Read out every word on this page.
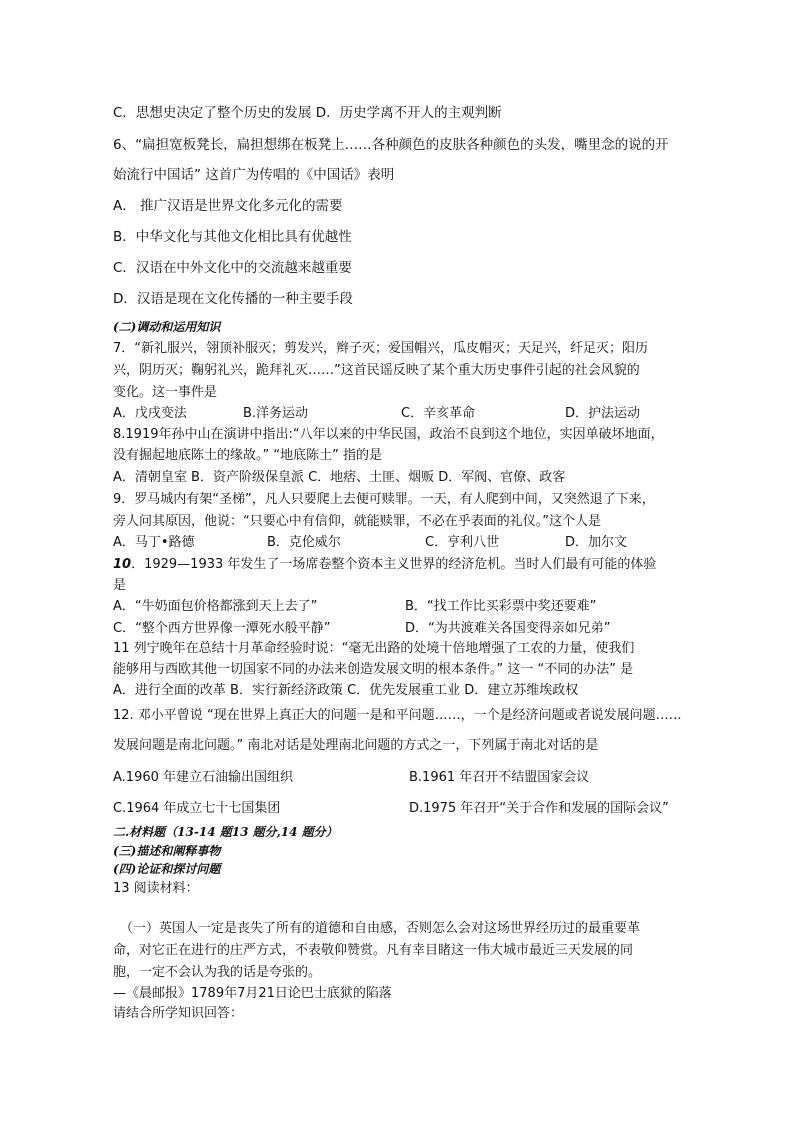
C．思想史决定了整个历史的发展 D．历史学离不开人的主观判断
6、“扁担宽板凳长，扁担想绑在板凳上……各种颜色的皮肤各种颜色的头发，嘴里念的说的开
始流行中国话” 这首广为传唱的《中国话》表明
A． 推广汉语是世界文化多元化的需要
B．中华文化与其他文化相比具有优越性
C．汉语在中外文化中的交流越来越重要
D．汉语是现在文化传播的一种主要手段
(二)调动和运用知识
7．“新礼服兴，翎顶补服灭；剪发兴，辫子灭；爱国帽兴，瓜皮帽灭；天足兴，纤足灭；阳历
兴，阴历灭；鞠躬礼兴，跪拜礼灭……”这首民谣反映了某个重大历史事件引起的社会风貌的
变化。这一事件是
A．戊戌变法	B.洋务运动	C．辛亥革命	D．护法运动
8.1919年孙中山在演讲中指出:“八年以来的中华民国，政治不良到这个地位，实因单破坏地面，
没有掘起地底陈土的缘故。” “地底陈土” 指的是
A．清朝皇室 B．资产阶级保皇派 C．地痞、土匪、烟贩 D．军阀、官僚、政客
9．罗马城内有架“圣梯”，凡人只要爬上去便可赎罪。一天，有人爬到中间，又突然退了下来，
旁人问其原因，他说：“只要心中有信仰，就能赎罪，不必在乎表面的礼仪。”这个人是
A．马丁•路德	B．克伦威尔	C．亨利八世	D．加尔文
10．1929—1933 年发生了一场席卷整个资本主义世界的经济危机。当时人们最有可能的体验
是
A．“牛奶面包价格都涨到天上去了”	B．“找工作比买彩票中奖还要难”
C．“整个西方世界像一潭死水般平静”	D．“为共渡难关各国变得亲如兄弟”
11 列宁晚年在总结十月革命经验时说：“毫无出路的处境十倍地增强了工农的力量，使我们
能够用与西欧其他一切国家不同的办法来创造发展文明的根本条件。” 这一 “不同的办法” 是
A．进行全面的改革 B．实行新经济政策 C．优先发展重工业 D．建立苏维埃政权
12. 邓小平曾说 “现在世界上真正大的问题一是和平问题……，一个是经济问题或者说发展问题……
发展问题是南北问题。” 南北对话是处理南北问题的方式之一，下列属于南北对话的是
A.1960 年建立石油输出国组织	B.1961 年召开不结盟国家会议
C.1964 年成立七十七国集团	D.1975 年召开“关于合作和发展的国际会议”
二.材料题（13-14 题13 题分,14 题分）
(三)描述和阐释事物
(四)论证和探讨问题
13 阅读材料：
（一）英国人一定是丧失了所有的道德和自由感，否则怎么会对这场世界经历过的最重要革
命，对它正在进行的庄严方式，不表敬仰赞赏。凡有幸目睹这一伟大城市最近三天发展的同
胞，一定不会认为我的话是夸张的。
—《晨邮报》1789年7月21日论巴士底狱的陷落
请结合所学知识回答：
